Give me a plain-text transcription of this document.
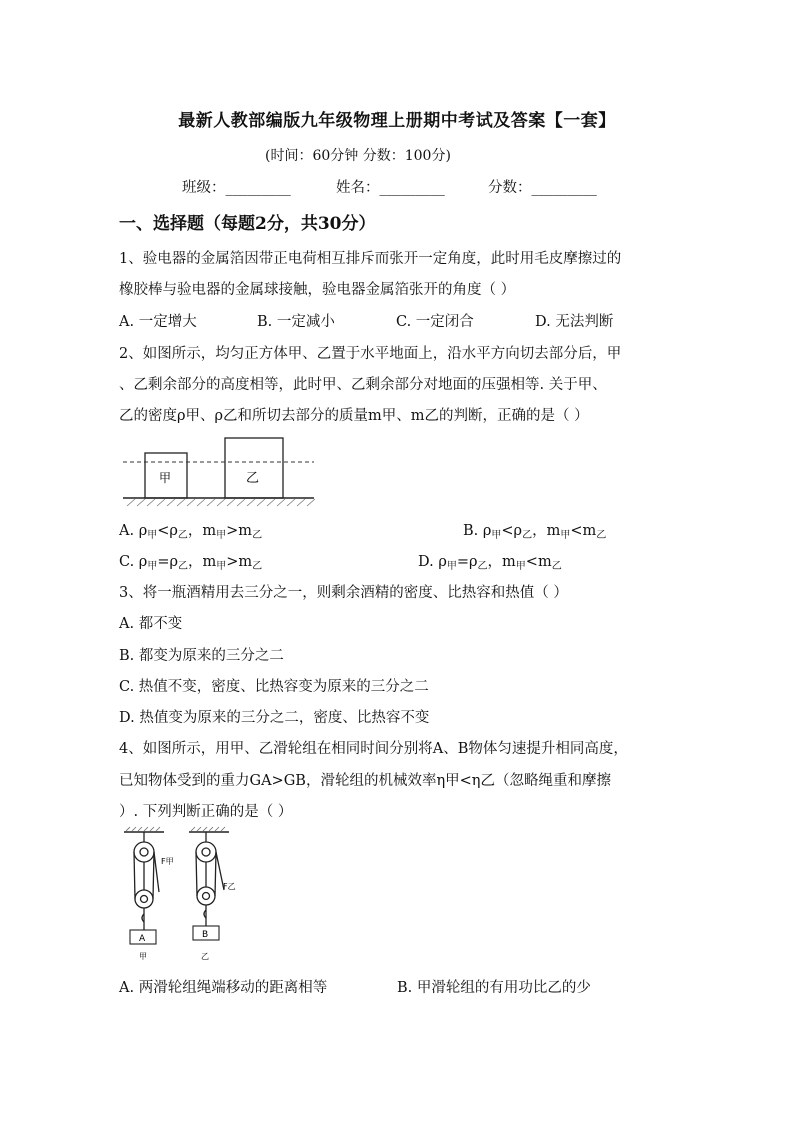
最新人教部编版九年级物理上册期中考试及答案【一套】
(时间：60分钟 分数：100分)
班级：_________	姓名：_________	分数：_________
一、选择题（每题2分，共30分）
1、验电器的金属箔因带正电荷相互排斥而张开一定角度，此时用毛皮摩擦过的
橡胶棒与验电器的金属球接触，验电器金属箔张开的角度（ ）
A. 一定增大	B. 一定减小	C. 一定闭合	D. 无法判断
2、如图所示，均匀正方体甲、乙置于水平地面上，沿水平方向切去部分后，甲
、乙剩余部分的高度相等，此时甲、乙剩余部分对地面的压强相等. 关于甲、
乙的密度ρ甲、ρ乙和所切去部分的质量m甲、m乙的判断，正确的是（ ）
甲	乙
A. $\rho_甲<\rho_乙$，$m_甲>m_乙$	B. $\rho_甲<\rho_乙$，$m_甲<m_乙$
C. $\rho_甲=\rho_乙$，$m_甲>m_乙$	D. $\rho_甲=\rho_乙$，$m_甲<m_乙$
3、将一瓶酒精用去三分之一，则剩余酒精的密度、比热容和热值（ ）
A. 都不变
B. 都变为原来的三分之二
C. 热值不变，密度、比热容变为原来的三分之二
D. 热值变为原来的三分之二，密度、比热容不变
4、如图所示，用甲、乙滑轮组在相同时间分别将A、B物体匀速提升相同高度，
已知物体受到的重力GA>GB，滑轮组的机械效率η甲<η乙（忽略绳重和摩擦
）. 下列判断正确的是（ ）
A
F甲
甲
B
F乙
乙
A. 两滑轮组绳端移动的距离相等	B. 甲滑轮组的有用功比乙的少
